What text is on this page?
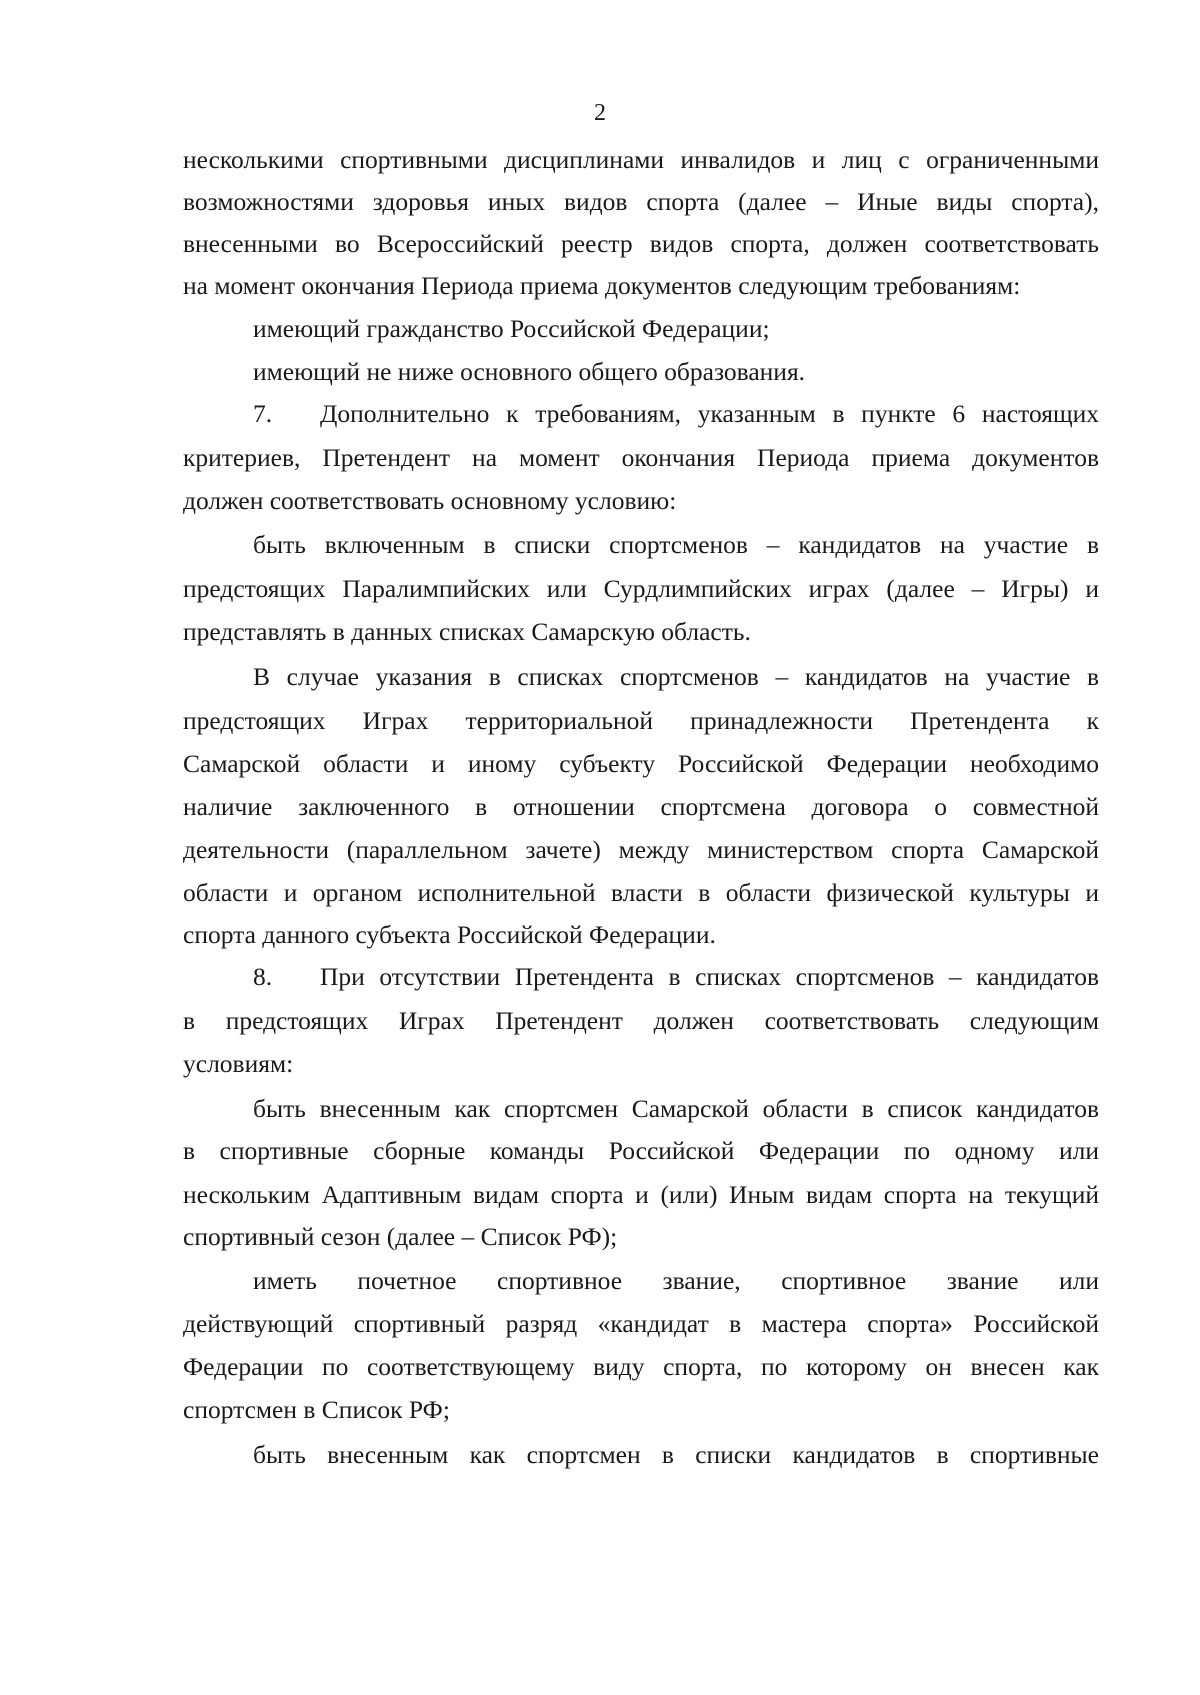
2
несколькими спортивными дисциплинами инвалидов и лиц с ограниченными
возможностями здоровья иных видов спорта (далее – Иные виды спорта),
внесенными во Всероссийский реестр видов спорта, должен соответствовать
на момент окончания Периода приема документов следующим требованиям:
имеющий гражданство Российской Федерации;
имеющий не ниже основного общего образования.
7. Дополнительно к требованиям, указанным в пункте 6 настоящих
критериев, Претендент на момент окончания Периода приема документов
должен соответствовать основному условию:
быть включенным в списки спортсменов – кандидатов на участие в
предстоящих Паралимпийских или Сурдлимпийских играх (далее – Игры) и
представлять в данных списках Самарскую область.
В случае указания в списках спортсменов – кандидатов на участие в
предстоящих Играх территориальной принадлежности Претендента к
Самарской области и иному субъекту Российской Федерации необходимо
наличие заключенного в отношении спортсмена договора о совместной
деятельности (параллельном зачете) между министерством спорта Самарской
области и органом исполнительной власти в области физической культуры и
спорта данного субъекта Российской Федерации.
8. При отсутствии Претендента в списках спортсменов – кандидатов
в предстоящих Играх Претендент должен соответствовать следующим
условиям:
быть внесенным как спортсмен Самарской области в список кандидатов
в спортивные сборные команды Российской Федерации по одному или
нескольким Адаптивным видам спорта и (или) Иным видам спорта на текущий
спортивный сезон (далее – Список РФ);
иметь почетное спортивное звание, спортивное звание или
действующий спортивный разряд «кандидат в мастера спорта» Российской
Федерации по соответствующему виду спорта, по которому он внесен как
спортсмен в Список РФ;
быть внесенным как спортсмен в списки кандидатов в спортивные
